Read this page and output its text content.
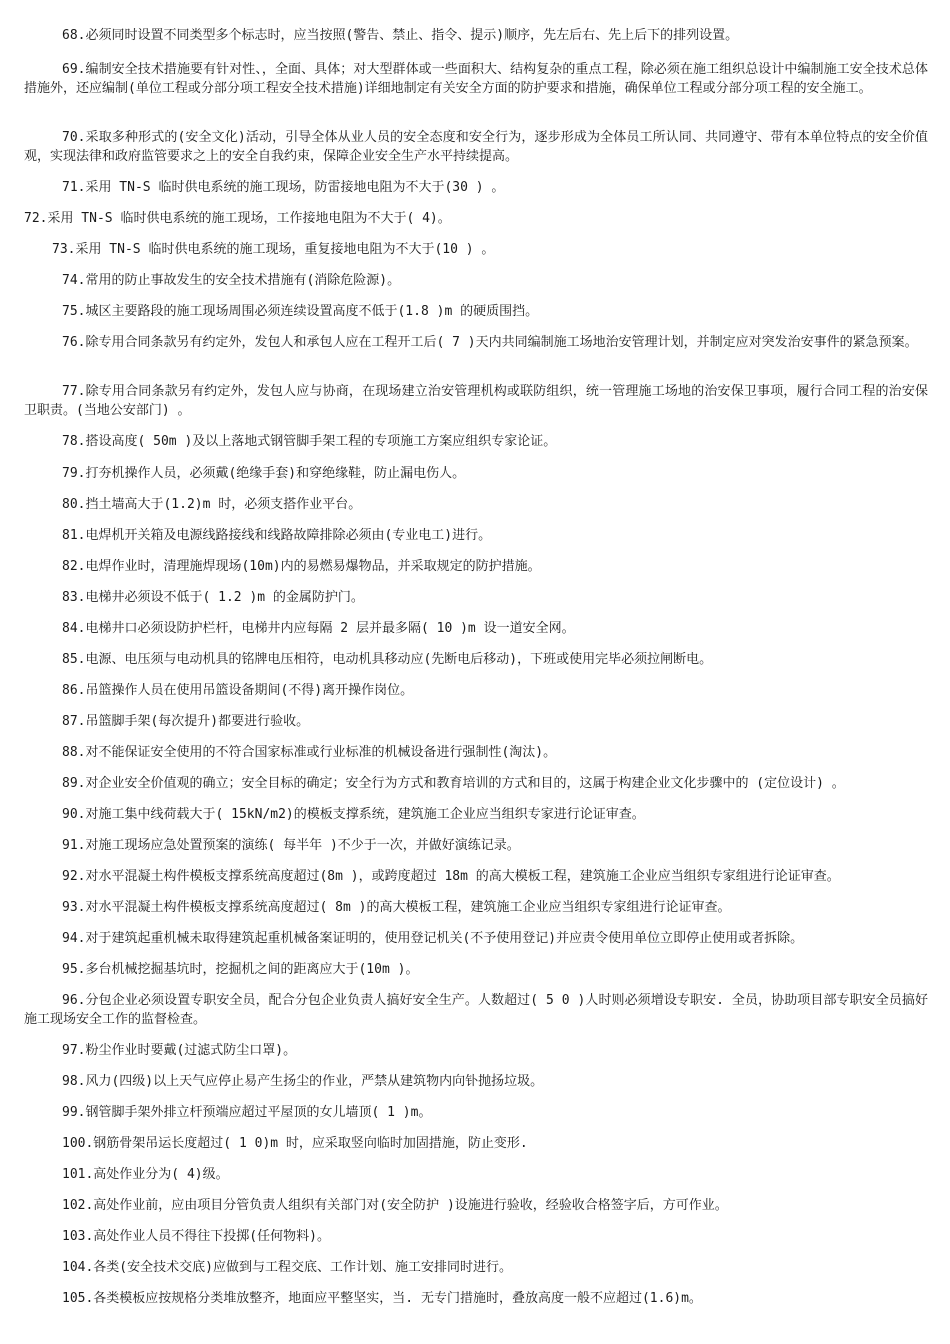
68.必须同时设置不同类型多个标志时，应当按照(警告、禁止、指令、提示)顺序，先左后右、先上后下的排列设置。

69.编制安全技术措施要有针对性、，全面、具体；对大型群体或一些面积大、结构复杂的重点工程，除必须在施工组织总设计中编制施工安全技术总体措施外，还应编制(单位工程或分部分项工程安全技术措施)详细地制定有关安全方面的防护要求和措施，确保单位工程或分部分项工程的安全施工。

70.采取多种形式的(安全文化)活动，引导全体从业人员的安全态度和安全行为，逐步形成为全体员工所认同、共同遵守、带有本单位特点的安全价值观，实现法律和政府监管要求之上的安全自我约束，保障企业安全生产水平持续提高。

71.采用 TN-S 临时供电系统的施工现场，防雷接地电阻为不大于(30 ) 。

72.采用 TN-S 临时供电系统的施工现场，工作接地电阻为不大于( 4)。

73.采用 TN-S 临时供电系统的施工现场，重复接地电阻为不大于(10 ) 。

74.常用的防止事故发生的安全技术措施有(消除危险源)。

75.城区主要路段的施工现场周围必须连续设置高度不低于(1.8 )m 的硬质围挡。

76.除专用合同条款另有约定外，发包人和承包人应在工程开工后( 7 )天内共同编制施工场地治安管理计划，并制定应对突发治安事件的紧急预案。

77.除专用合同条款另有约定外，发包人应与协商，在现场建立治安管理机构或联防组织，统一管理施工场地的治安保卫事项，履行合同工程的治安保卫职责。(当地公安部门) 。

78.搭设高度( 50m )及以上落地式钢管脚手架工程的专项施工方案应组织专家论证。

79.打夯机操作人员，必须戴(绝缘手套)和穿绝缘鞋，防止漏电伤人。

80.挡土墙高大于(1.2)m 时，必须支搭作业平台。

81.电焊机开关箱及电源线路接线和线路故障排除必须由(专业电工)进行。

82.电焊作业时，清理施焊现场(10m)内的易燃易爆物品，并采取规定的防护措施。

83.电梯井必须设不低于( 1.2 )m 的金属防护门。

84.电梯井口必须设防护栏杆，电梯井内应每隔 2 层并最多隔( 10 )m 设一道安全网。

85.电源、电压须与电动机具的铭牌电压相符，电动机具移动应(先断电后移动)，下班或使用完毕必须拉闸断电。

86.吊篮操作人员在使用吊篮设备期间(不得)离开操作岗位。

87.吊篮脚手架(每次提升)都要进行验收。

88.对不能保证安全使用的不符合国家标准或行业标准的机械设备进行强制性(淘汰)。

89.对企业安全价值观的确立；安全目标的确定；安全行为方式和教育培训的方式和目的，这属于构建企业文化步骤中的 (定位设计) 。

90.对施工集中线荷载大于( 15kN/m2)的模板支撑系统，建筑施工企业应当组织专家进行论证审查。

91.对施工现场应急处置预案的演练( 每半年 )不少于一次，并做好演练记录。

92.对水平混凝土构件模板支撑系统高度超过(8m )，或跨度超过 18m 的高大模板工程，建筑施工企业应当组织专家组进行论证审查。

93.对水平混凝土构件模板支撑系统高度超过( 8m )的高大模板工程，建筑施工企业应当组织专家组进行论证审查。

94.对于建筑起重机械未取得建筑起重机械备案证明的，使用登记机关(不予使用登记)并应责令使用单位立即停止使用或者拆除。

95.多台机械挖掘基坑时，挖掘机之间的距离应大于(10m )。

96.分包企业必须设置专职安全员，配合分包企业负责人搞好安全生产。人数超过( 5 0 )人时则必须增设专职安. 全员，协助项目部专职安全员搞好施工现场安全工作的监督检查。

97.粉尘作业时要戴(过滤式防尘口罩)。

98.风力(四级)以上天气应停止易产生扬尘的作业，严禁从建筑物内向钋抛扬垃圾。

99.钢管脚手架外排立杆预端应超过平屋顶的女儿墙顶( 1 )m。

100.钢筋骨架吊运长度超过( 1 0)m 时，应采取竖向临时加固措施，防止变形.

101.高处作业分为( 4)级。

102.高处作业前，应由项目分管负责人组织有关部门对(安全防护 )设施进行验收，经验收合格签字后，方可作业。

103.高处作业人员不得往下投掷(任何物料)。

104.各类(安全技术交底)应做到与工程交底、工作计划、施工安排同时进行。

105.各类模板应按规格分类堆放整齐，地面应平整坚实，当. 无专门措施时，叠放高度一般不应超过(1.6)m。
